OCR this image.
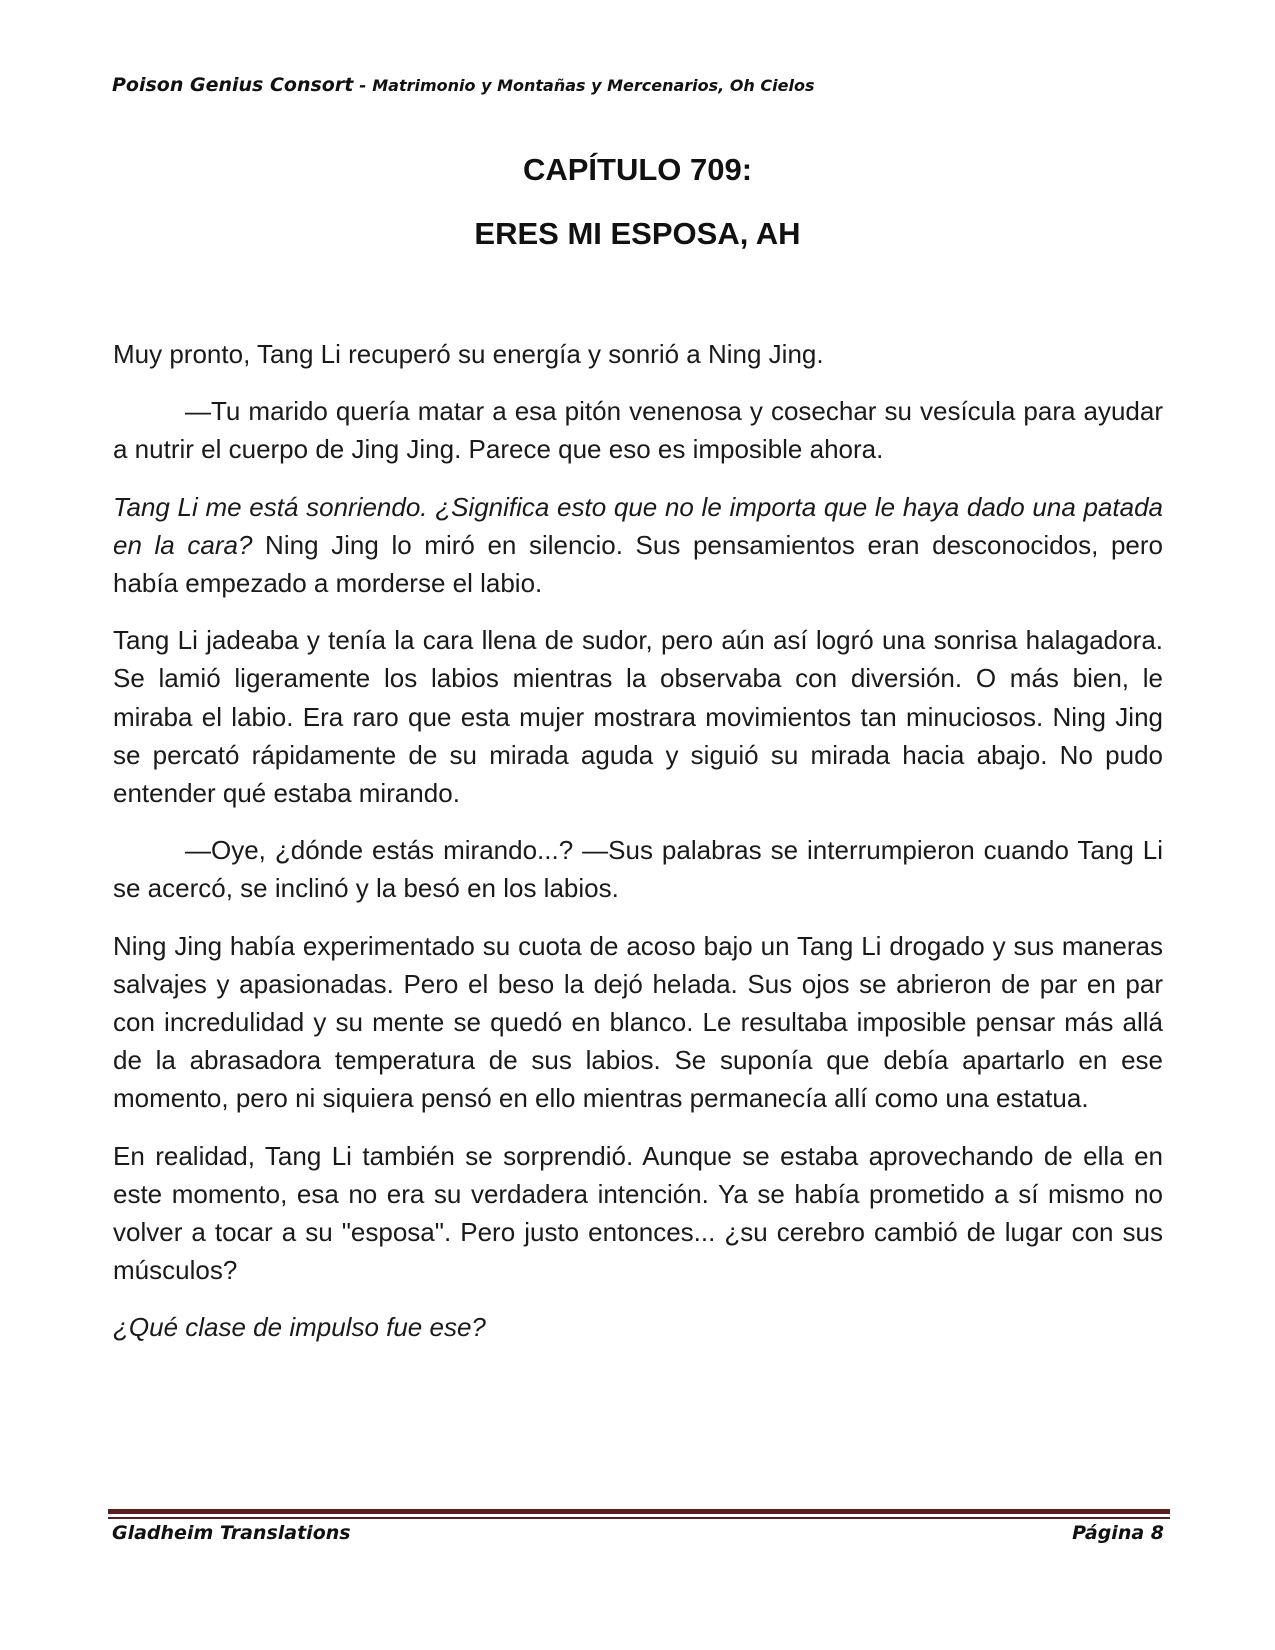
Poison Genius Consort - Matrimonio y Montañas y Mercenarios, Oh Cielos
CAPÍTULO 709:
ERES MI ESPOSA, AH

Muy pronto, Tang Li recuperó su energía y sonrió a Ning Jing.

—Tu marido quería matar a esa pitón venenosa y cosechar su vesícula para ayudar a nutrir el cuerpo de Jing Jing. Parece que eso es imposible ahora.

Tang Li me está sonriendo. ¿Significa esto que no le importa que le haya dado una patada en la cara? Ning Jing lo miró en silencio. Sus pensamientos eran desconocidos, pero había empezado a morderse el labio.

Tang Li jadeaba y tenía la cara llena de sudor, pero aún así logró una sonrisa halagadora. Se lamió ligeramente los labios mientras la observaba con diversión. O más bien, le miraba el labio. Era raro que esta mujer mostrara movimientos tan minuciosos. Ning Jing se percató rápidamente de su mirada aguda y siguió su mirada hacia abajo. No pudo entender qué estaba mirando.

—Oye, ¿dónde estás mirando...? —Sus palabras se interrumpieron cuando Tang Li se acercó, se inclinó y la besó en los labios.

Ning Jing había experimentado su cuota de acoso bajo un Tang Li drogado y sus maneras salvajes y apasionadas. Pero el beso la dejó helada. Sus ojos se abrieron de par en par con incredulidad y su mente se quedó en blanco. Le resultaba imposible pensar más allá de la abrasadora temperatura de sus labios. Se suponía que debía apartarlo en ese momento, pero ni siquiera pensó en ello mientras permanecía allí como una estatua.

En realidad, Tang Li también se sorprendió. Aunque se estaba aprovechando de ella en este momento, esa no era su verdadera intención. Ya se había prometido a sí mismo no volver a tocar a su "esposa". Pero justo entonces... ¿su cerebro cambió de lugar con sus músculos?

¿Qué clase de impulso fue ese?

Gladheim Translations	Página 8
